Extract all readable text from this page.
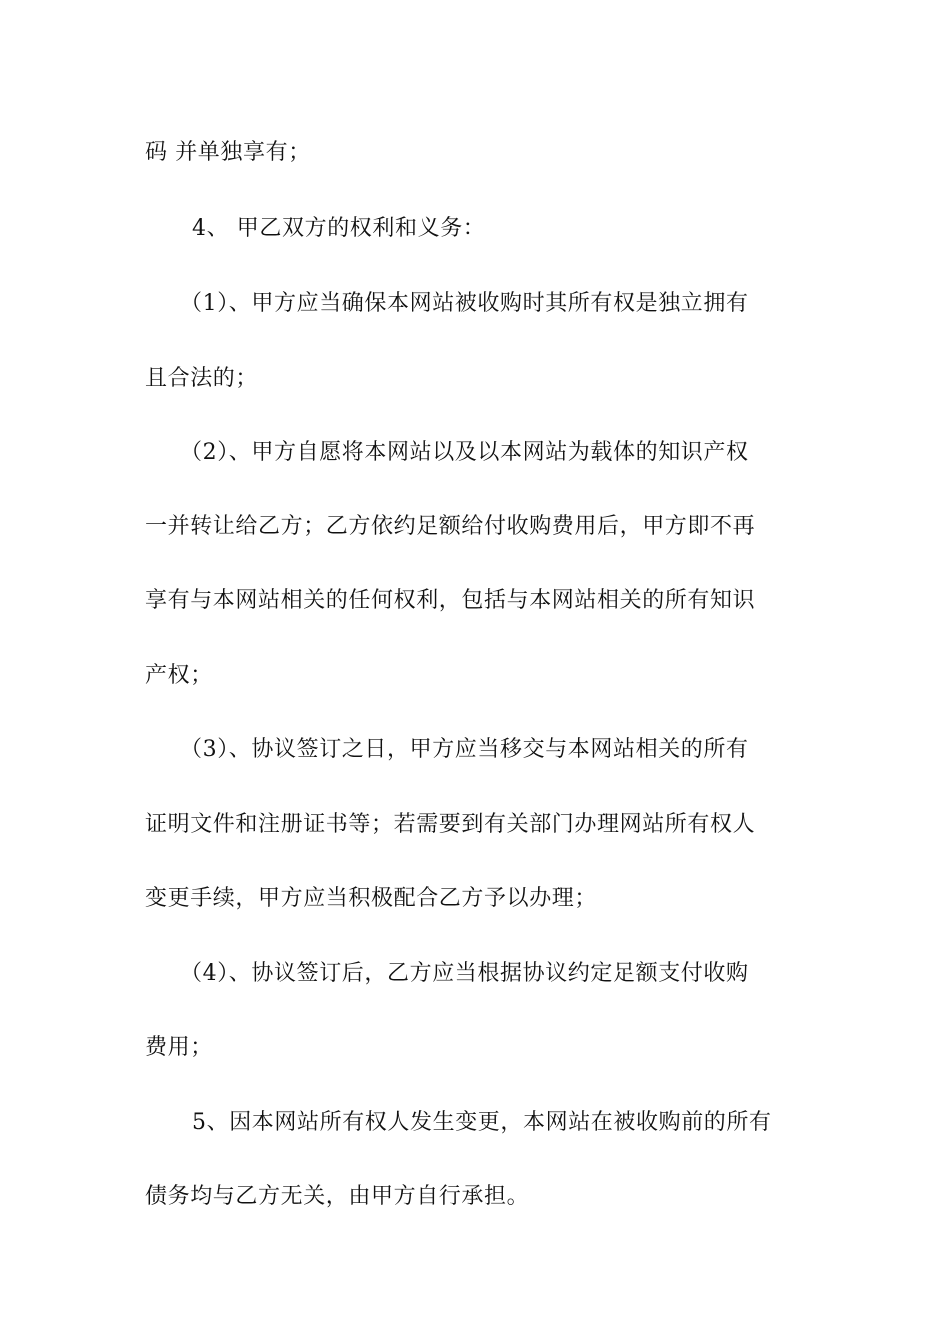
码 并单独享有；
4、 甲乙双方的权利和义务：
（1）、甲方应当确保本网站被收购时其所有权是独立拥有
且合法的；
（2）、甲方自愿将本网站以及以本网站为载体的知识产权
一并转让给乙方；乙方依约足额给付收购费用后，甲方即不再
享有与本网站相关的任何权利，包括与本网站相关的所有知识
产权；
（3）、协议签订之日，甲方应当移交与本网站相关的所有
证明文件和注册证书等；若需要到有关部门办理网站所有权人
变更手续，甲方应当积极配合乙方予以办理；
（4）、协议签订后，乙方应当根据协议约定足额支付收购
费用；
5、因本网站所有权人发生变更，本网站在被收购前的所有
债务均与乙方无关，由甲方自行承担。
